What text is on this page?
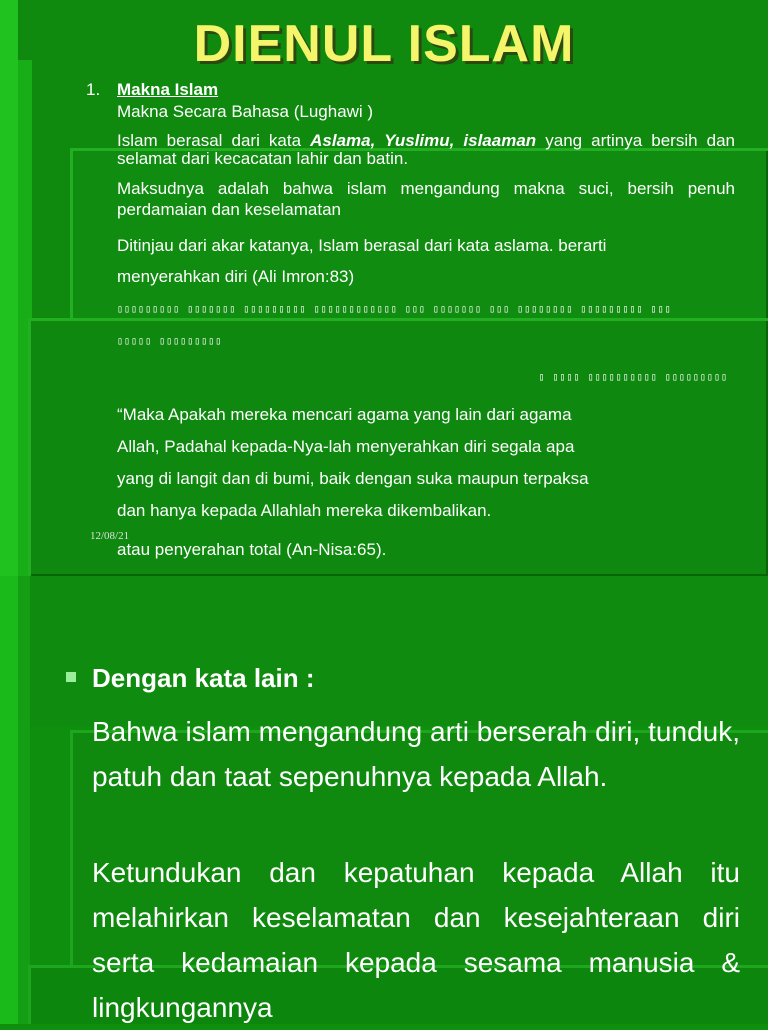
DIENUL ISLAM
1. Makna Islam
Makna Secara Bahasa (Lughawi )
Islam berasal dari kata Aslama, Yuslimu, islaaman yang artinya bersih dan selamat dari kecacatan lahir dan batin.
Maksudnya adalah bahwa islam mengandung makna suci, bersih penuh perdamaian dan keselamatan
Ditinjau dari akar katanya, Islam berasal dari kata aslama. berarti
menyerahkan diri (Ali Imron:83)
▯▯▯▯▯▯▯▯▯ ▯▯▯▯▯▯▯ ▯▯▯▯▯▯▯▯▯ ▯▯▯▯▯▯▯▯▯▯▯▯ ▯▯▯ ▯▯▯▯▯▯▯ ▯▯▯ ▯▯▯▯▯▯▯▯ ▯▯▯▯▯▯▯▯▯ ▯▯▯
▯▯▯▯▯ ▯▯▯▯▯▯▯▯▯
▯ ▯▯▯▯ ▯▯▯▯▯▯▯▯▯▯ ▯▯▯▯▯▯▯▯▯
“Maka Apakah mereka mencari agama yang lain dari agama
Allah, Padahal kepada-Nya-lah menyerahkan diri segala apa
yang di langit dan di bumi, baik dengan suka maupun terpaksa
dan hanya kepada Allahlah mereka dikembalikan.
12/08/21
atau penyerahan total (An-Nisa:65).
Dengan kata lain :
Bahwa islam mengandung arti berserah diri, tunduk, patuh dan taat sepenuhnya kepada Allah.
Ketundukan dan kepatuhan kepada Allah itu melahirkan keselamatan dan kesejahteraan diri serta kedamaian kepada sesama manusia & lingkungannya
